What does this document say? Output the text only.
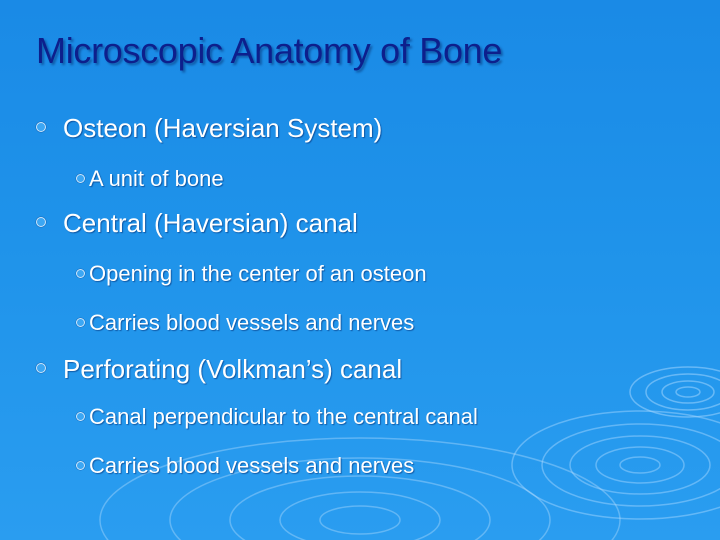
Microscopic Anatomy of Bone
Osteon (Haversian System)
A unit of bone
Central (Haversian) canal
Opening in the center of an osteon
Carries blood vessels and nerves
Perforating (Volkman’s) canal
Canal perpendicular to the central canal
Carries blood vessels and nerves
